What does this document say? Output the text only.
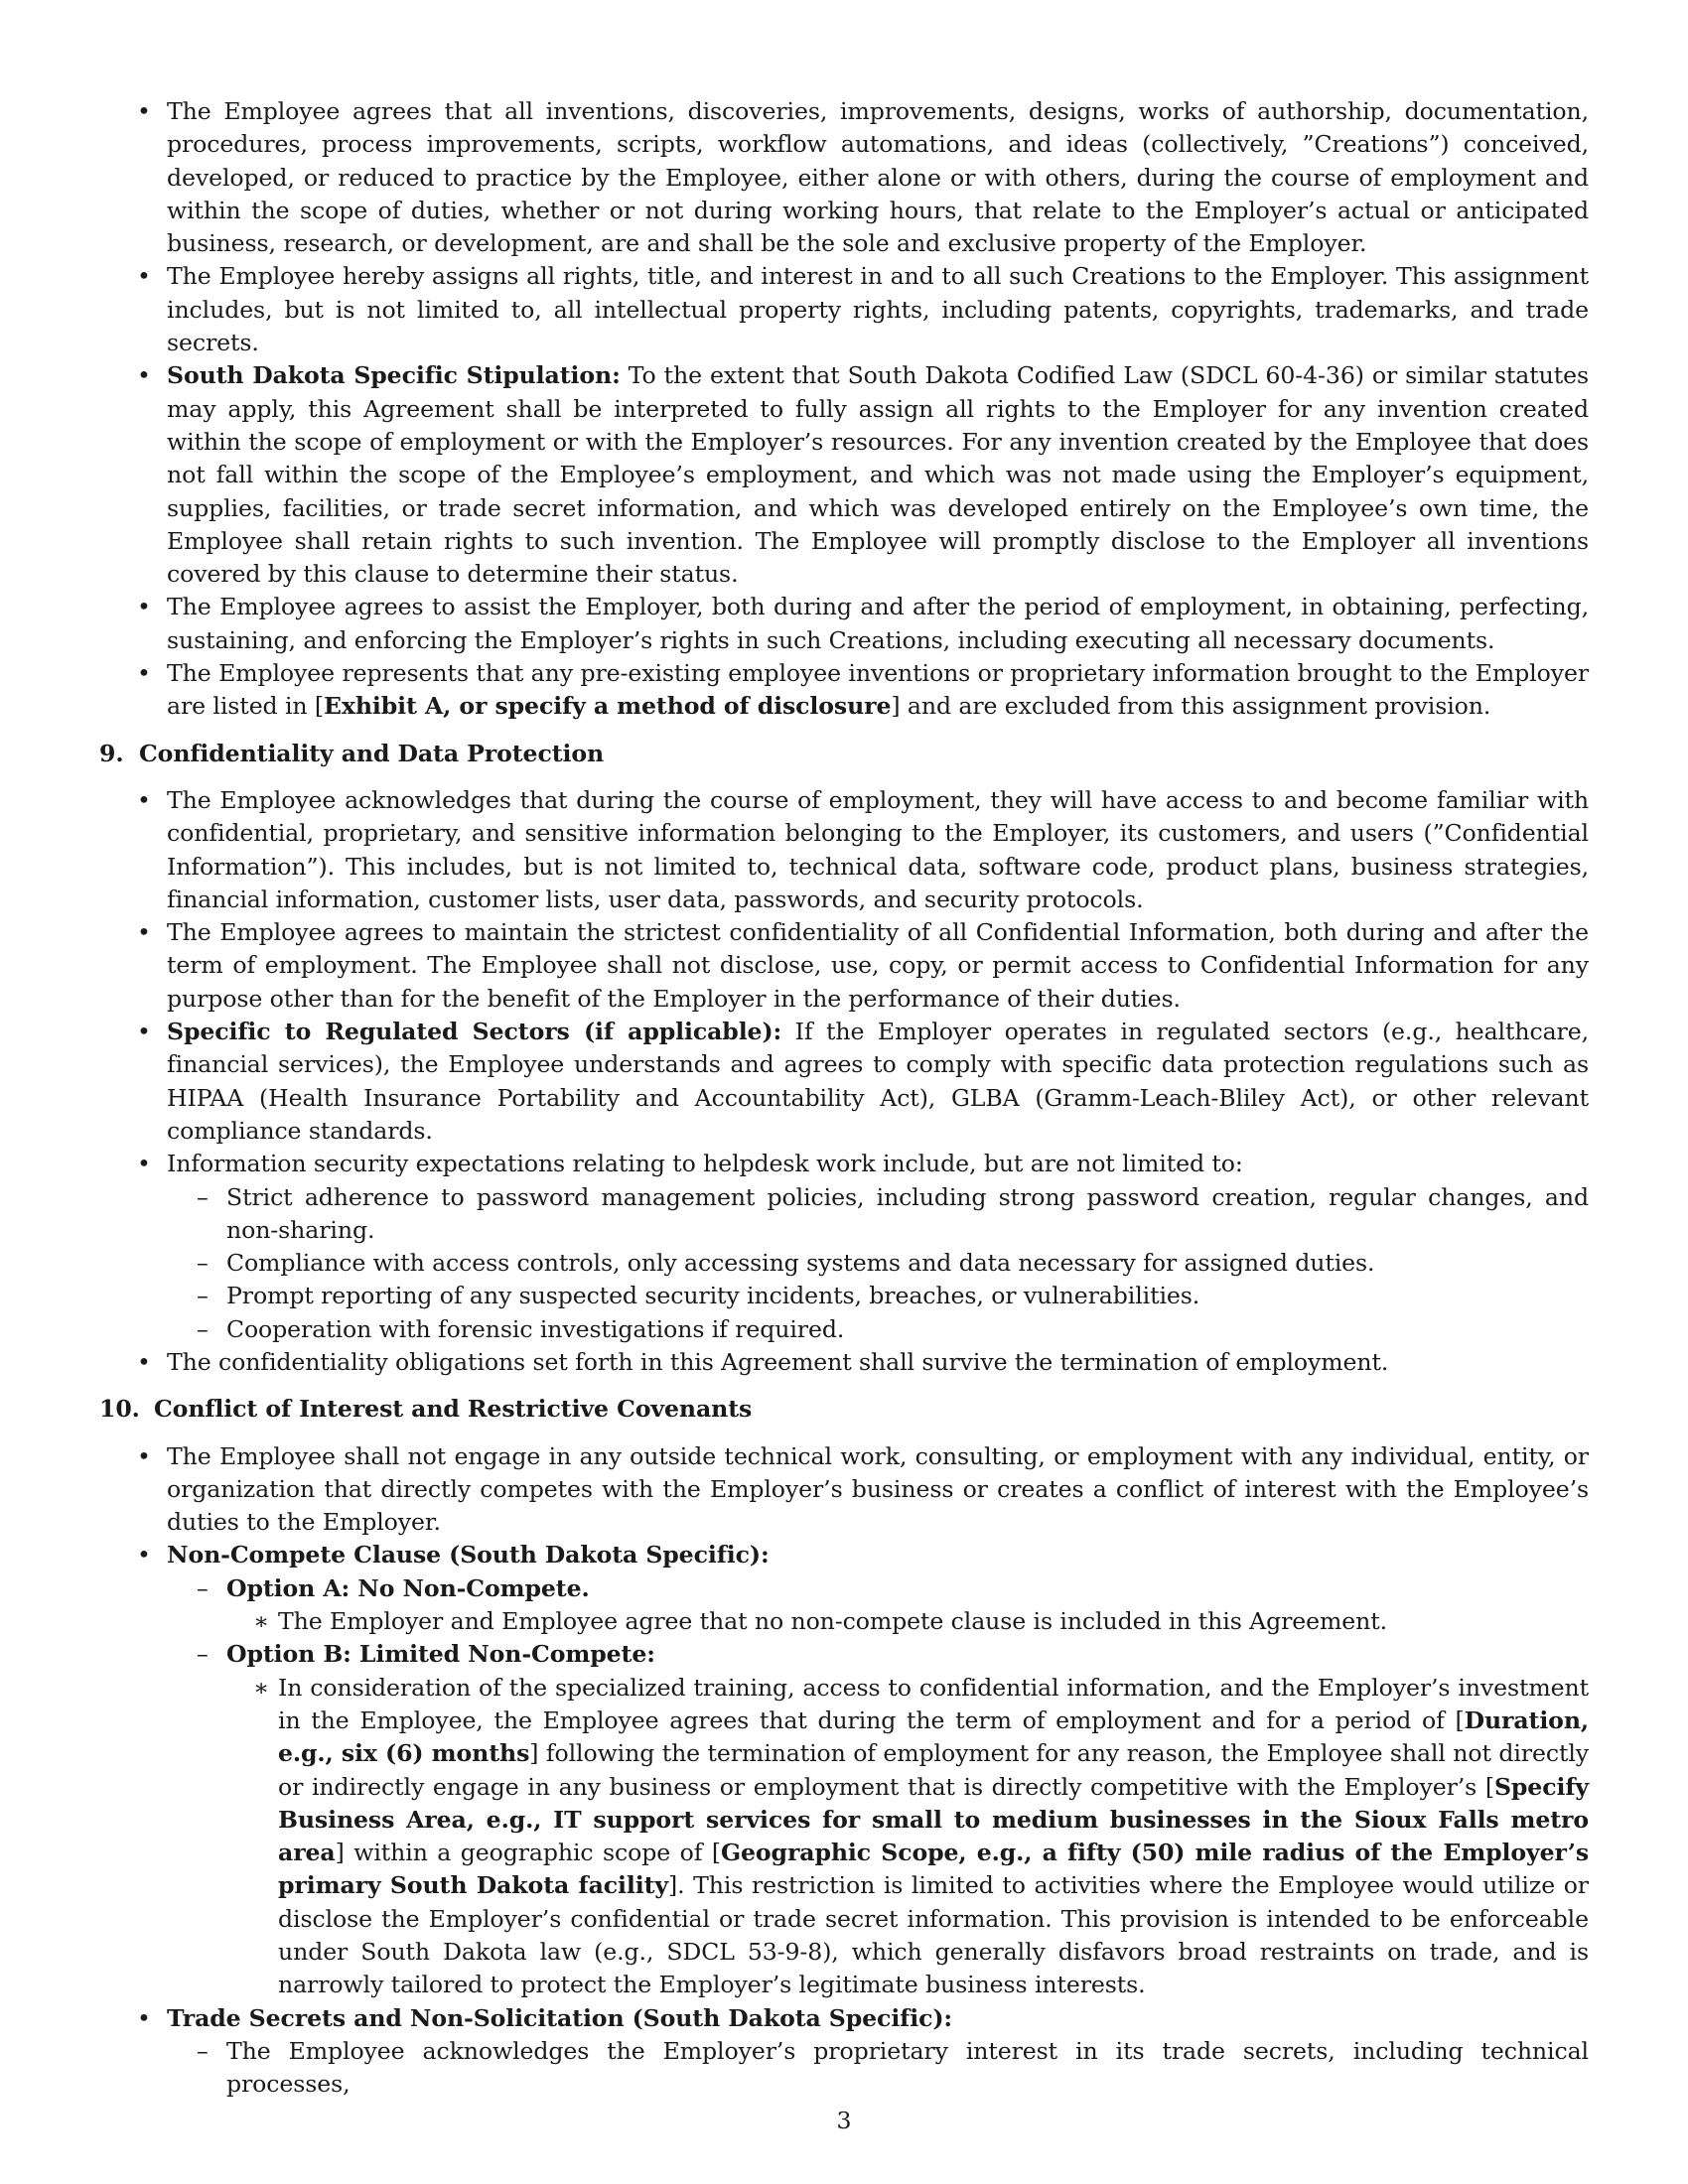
• The Employee agrees that all inventions, discoveries, improvements, designs, works of authorship, documentation, procedures, process improvements, scripts, workflow automations, and ideas (collectively, ”Creations”) conceived, developed, or reduced to practice by the Employee, either alone or with others, during the course of employment and within the scope of duties, whether or not during working hours, that relate to the Employer’s actual or anticipated business, research, or development, are and shall be the sole and exclusive property of the Employer.
• The Employee hereby assigns all rights, title, and interest in and to all such Creations to the Employer. This assignment includes, but is not limited to, all intellectual property rights, including patents, copyrights, trademarks, and trade secrets.
• South Dakota Specific Stipulation: To the extent that South Dakota Codified Law (SDCL 60-4-36) or similar statutes may apply, this Agreement shall be interpreted to fully assign all rights to the Employer for any invention created within the scope of employment or with the Employer’s resources. For any invention created by the Employee that does not fall within the scope of the Employee’s employment, and which was not made using the Employer’s equipment, supplies, facilities, or trade secret information, and which was developed entirely on the Employee’s own time, the Employee shall retain rights to such invention. The Employee will promptly disclose to the Employer all inventions covered by this clause to determine their status.
• The Employee agrees to assist the Employer, both during and after the period of employment, in obtaining, perfecting, sustaining, and enforcing the Employer’s rights in such Creations, including executing all necessary documents.
• The Employee represents that any pre-existing employee inventions or proprietary information brought to the Employer are listed in [Exhibit A, or specify a method of disclosure] and are excluded from this assignment provision.
9. Confidentiality and Data Protection
• The Employee acknowledges that during the course of employment, they will have access to and become familiar with confidential, proprietary, and sensitive information belonging to the Employer, its customers, and users (”Confidential Information”). This includes, but is not limited to, technical data, software code, product plans, business strategies, financial information, customer lists, user data, passwords, and security protocols.
• The Employee agrees to maintain the strictest confidentiality of all Confidential Information, both during and after the term of employment. The Employee shall not disclose, use, copy, or permit access to Confidential Information for any purpose other than for the benefit of the Employer in the performance of their duties.
• Specific to Regulated Sectors (if applicable): If the Employer operates in regulated sectors (e.g., healthcare, financial services), the Employee understands and agrees to comply with specific data protection regulations such as HIPAA (Health Insurance Portability and Accountability Act), GLBA (Gramm-Leach-Bliley Act), or other relevant compliance standards.
• Information security expectations relating to helpdesk work include, but are not limited to:
– Strict adherence to password management policies, including strong password creation, regular changes, and non-sharing.
– Compliance with access controls, only accessing systems and data necessary for assigned duties.
– Prompt reporting of any suspected security incidents, breaches, or vulnerabilities.
– Cooperation with forensic investigations if required.
• The confidentiality obligations set forth in this Agreement shall survive the termination of employment.
10. Conflict of Interest and Restrictive Covenants
• The Employee shall not engage in any outside technical work, consulting, or employment with any individual, entity, or organization that directly competes with the Employer’s business or creates a conflict of interest with the Employee’s duties to the Employer.
• Non-Compete Clause (South Dakota Specific):
– Option A: No Non-Compete.
∗ The Employer and Employee agree that no non-compete clause is included in this Agreement.
– Option B: Limited Non-Compete:
∗ In consideration of the specialized training, access to confidential information, and the Employer’s investment in the Employee, the Employee agrees that during the term of employment and for a period of [Duration, e.g., six (6) months] following the termination of employment for any reason, the Employee shall not directly or indirectly engage in any business or employment that is directly competitive with the Employer’s [Specify Business Area, e.g., IT support services for small to medium businesses in the Sioux Falls metro area] within a geographic scope of [Geographic Scope, e.g., a fifty (50) mile radius of the Employer’s primary South Dakota facility]. This restriction is limited to activities where the Employee would utilize or disclose the Employer’s confidential or trade secret information. This provision is intended to be enforceable under South Dakota law (e.g., SDCL 53-9-8), which generally disfavors broad restraints on trade, and is narrowly tailored to protect the Employer’s legitimate business interests.
• Trade Secrets and Non-Solicitation (South Dakota Specific):
– The Employee acknowledges the Employer’s proprietary interest in its trade secrets, including technical processes,
3
